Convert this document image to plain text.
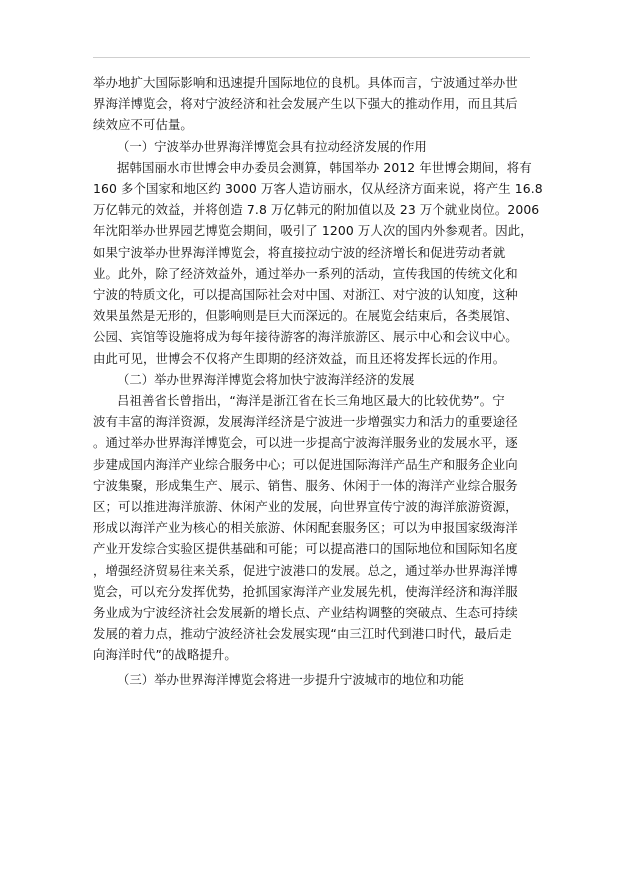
举办地扩大国际影响和迅速提升国际地位的良机。具体而言，宁波通过举办世
界海洋博览会，将对宁波经济和社会发展产生以下强大的推动作用，而且其后
续效应不可估量。

（一）宁波举办世界海洋博览会具有拉动经济发展的作用

据韩国丽水市世博会申办委员会测算，韩国举办 2012 年世博会期间，将有
160 多个国家和地区约 3000 万客人造访丽水，仅从经济方面来说，将产生 16.8
万亿韩元的效益，并将创造 7.8 万亿韩元的附加值以及 23 万个就业岗位。2006
年沈阳举办世界园艺博览会期间，吸引了 1200 万人次的国内外参观者。因此，
如果宁波举办世界海洋博览会，将直接拉动宁波的经济增长和促进劳动者就
业。此外，除了经济效益外，通过举办一系列的活动，宣传我国的传统文化和
宁波的特质文化，可以提高国际社会对中国、对浙江、对宁波的认知度，这种
效果虽然是无形的，但影响则是巨大而深远的。在展览会结束后，各类展馆、
公园、宾馆等设施将成为每年接待游客的海洋旅游区、展示中心和会议中心。
由此可见，世博会不仅将产生即期的经济效益，而且还将发挥长远的作用。

（二）举办世界海洋博览会将加快宁波海洋经济的发展

吕祖善省长曾指出，“海洋是浙江省在长三角地区最大的比较优势”。宁
波有丰富的海洋资源，发展海洋经济是宁波进一步增强实力和活力的重要途径
。通过举办世界海洋博览会，可以进一步提高宁波海洋服务业的发展水平，逐
步建成国内海洋产业综合服务中心；可以促进国际海洋产品生产和服务企业向
宁波集聚，形成集生产、展示、销售、服务、休闲于一体的海洋产业综合服务
区；可以推进海洋旅游、休闲产业的发展，向世界宣传宁波的海洋旅游资源，
形成以海洋产业为核心的相关旅游、休闲配套服务区；可以为申报国家级海洋
产业开发综合实验区提供基础和可能；可以提高港口的国际地位和国际知名度
，增强经济贸易往来关系，促进宁波港口的发展。总之，通过举办世界海洋博
览会，可以充分发挥优势，抢抓国家海洋产业发展先机，使海洋经济和海洋服
务业成为宁波经济社会发展新的增长点、产业结构调整的突破点、生态可持续
发展的着力点，推动宁波经济社会发展实现“由三江时代到港口时代，最后走
向海洋时代”的战略提升。

（三）举办世界海洋博览会将进一步提升宁波城市的地位和功能
